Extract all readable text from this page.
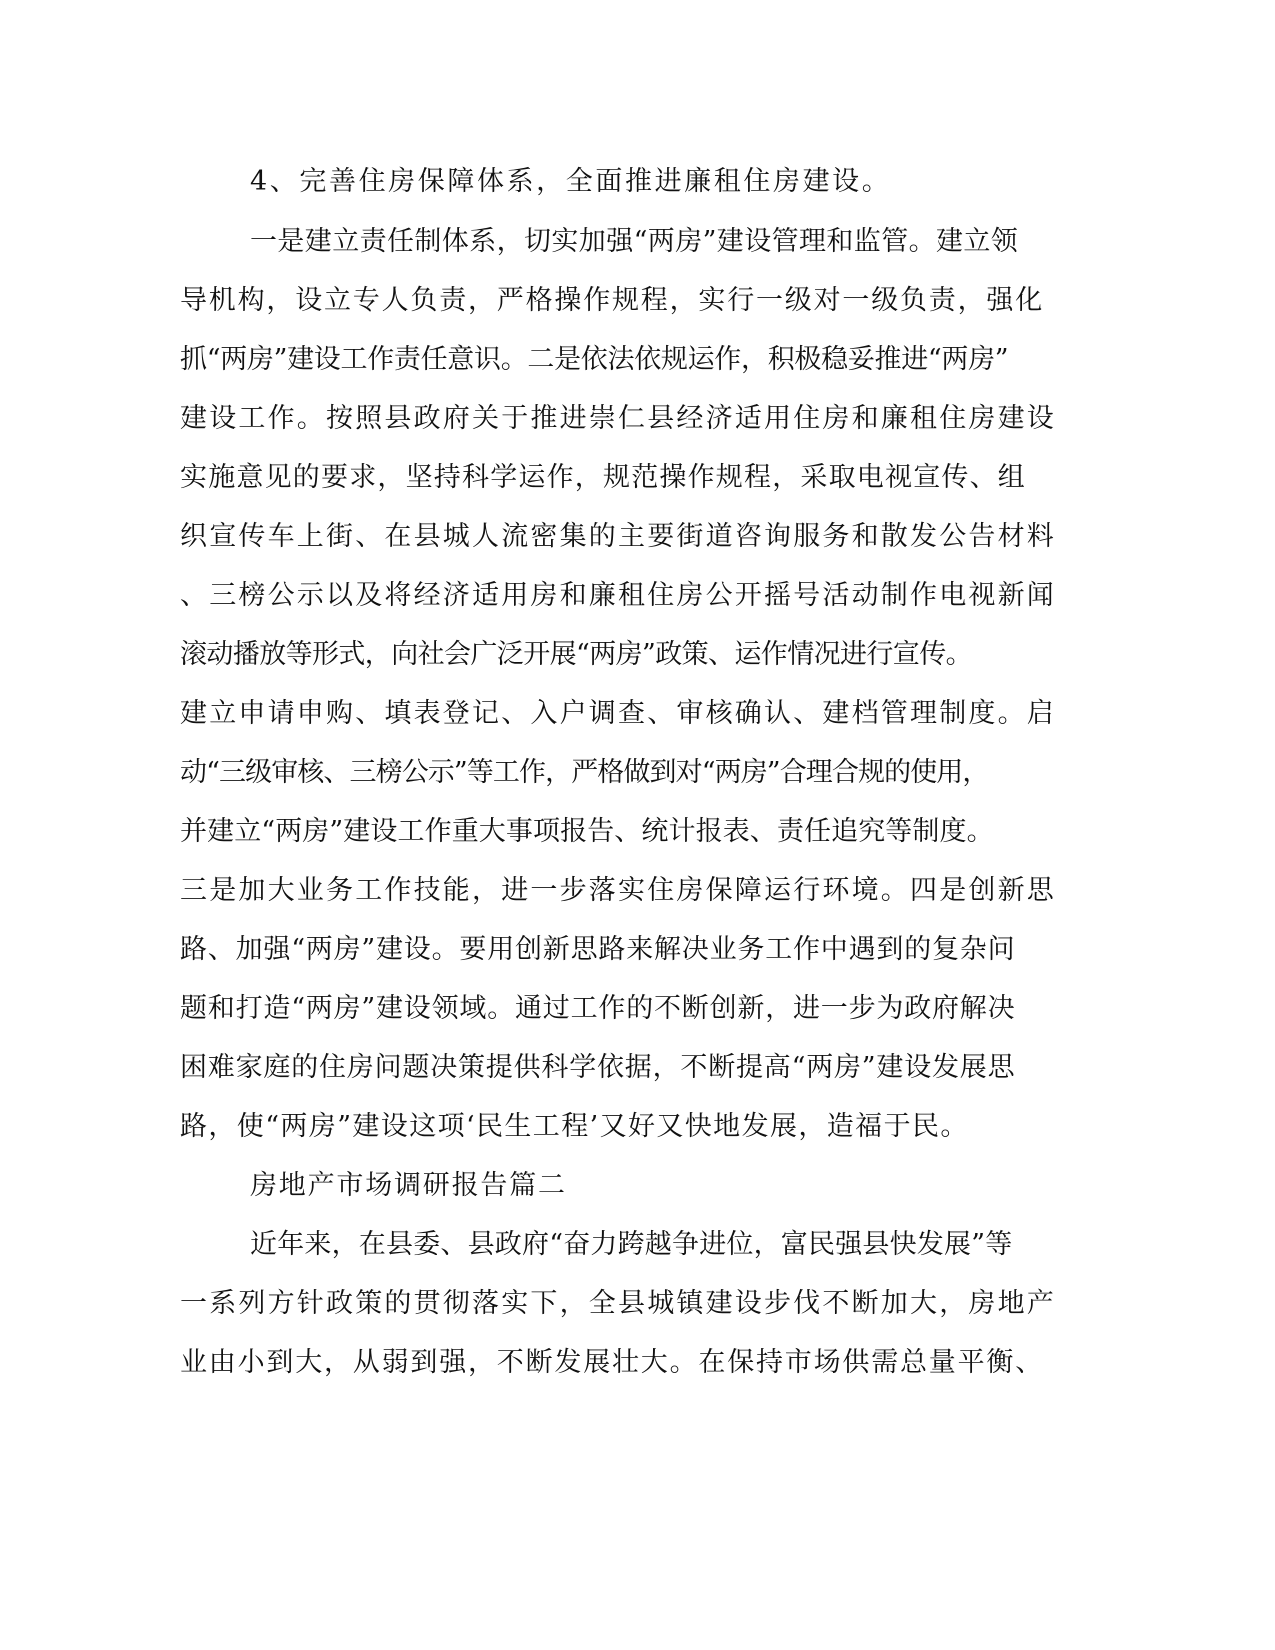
4、完善住房保障体系，全面推进廉租住房建设。

一是建立责任制体系，切实加强“两房”建设管理和监管。建立领

导机构，设立专人负责，严格操作规程，实行一级对一级负责，强化

抓“两房”建设工作责任意识。二是依法依规运作，积极稳妥推进“两房”

建设工作。按照县政府关于推进崇仁县经济适用住房和廉租住房建设

实施意见的要求，坚持科学运作，规范操作规程，采取电视宣传、组

织宣传车上街、在县城人流密集的主要街道咨询服务和散发公告材料

、三榜公示以及将经济适用房和廉租住房公开摇号活动制作电视新闻

滚动播放等形式，向社会广泛开展“两房”政策、运作情况进行宣传。

建立申请申购、填表登记、入户调查、审核确认、建档管理制度。启

动“三级审核、三榜公示”等工作，严格做到对“两房”合理合规的使用，

并建立“两房”建设工作重大事项报告、统计报表、责任追究等制度。

三是加大业务工作技能，进一步落实住房保障运行环境。四是创新思

路、加强“两房”建设。要用创新思路来解决业务工作中遇到的复杂问

题和打造“两房”建设领域。通过工作的不断创新，进一步为政府解决

困难家庭的住房问题决策提供科学依据，不断提高“两房”建设发展思

路，使“两房”建设这项‘民生工程’又好又快地发展，造福于民。

房地产市场调研报告篇二

近年来，在县委、县政府“奋力跨越争进位，富民强县快发展”等

一系列方针政策的贯彻落实下，全县城镇建设步伐不断加大，房地产

业由小到大，从弱到强，不断发展壮大。在保持市场供需总量平衡、
